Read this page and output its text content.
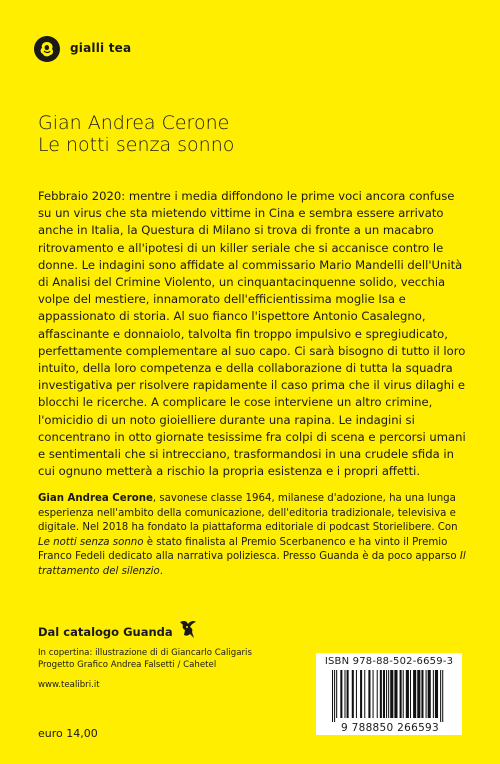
gialli tea
Gian Andrea Cerone
Le notti senza sonno

Febbraio 2020: mentre i media diffondono le prime voci ancora confuse su un virus che sta mietendo vittime in Cina e sembra essere arrivato anche in Italia, la Questura di Milano si trova di fronte a un macabro ritrovamento e all'ipotesi di un killer seriale che si accanisce contro le donne. Le indagini sono affidate al commissario Mario Mandelli dell'Unità di Analisi del Crimine Violento, un cinquantacinquenne solido, vecchia volpe del mestiere, innamorato dell'efficientissima moglie Isa e appassionato di storia. Al suo fianco l'ispettore Antonio Casalegno, affascinante e donnaiolo, talvolta fin troppo impulsivo e spregiudicato, perfettamente complementare al suo capo. Ci sarà bisogno di tutto il loro intuito, della loro competenza e della collaborazione di tutta la squadra investigativa per risolvere rapidamente il caso prima che il virus dilaghi e blocchi le ricerche. A complicare le cose interviene un altro crimine, l'omicidio di un noto gioielliere durante una rapina. Le indagini si concentrano in otto giornate tesissime fra colpi di scena e percorsi umani e sentimentali che si intrecciano, trasformandosi in una crudele sfida in cui ognuno metterà a rischio la propria esistenza e i propri affetti.

Gian Andrea Cerone, savonese classe 1964, milanese d'adozione, ha una lunga esperienza nell'ambito della comunicazione, dell'editoria tradizionale, televisiva e digitale. Nel 2018 ha fondato la piattaforma editoriale di podcast Storielibere. Con Le notti senza sonno è stato finalista al Premio Scerbanenco e ha vinto il Premio Franco Fedeli dedicato alla narrativa poliziesca. Presso Guanda è da poco apparso Il trattamento del silenzio.

Dal catalogo Guanda
In copertina: illustrazione di di Giancarlo Caligaris
Progetto Grafico Andrea Falsetti / Cahetel
www.tealibri.it
euro 14,00
ISBN 978-88-502-6659-3
9 788850 266593
